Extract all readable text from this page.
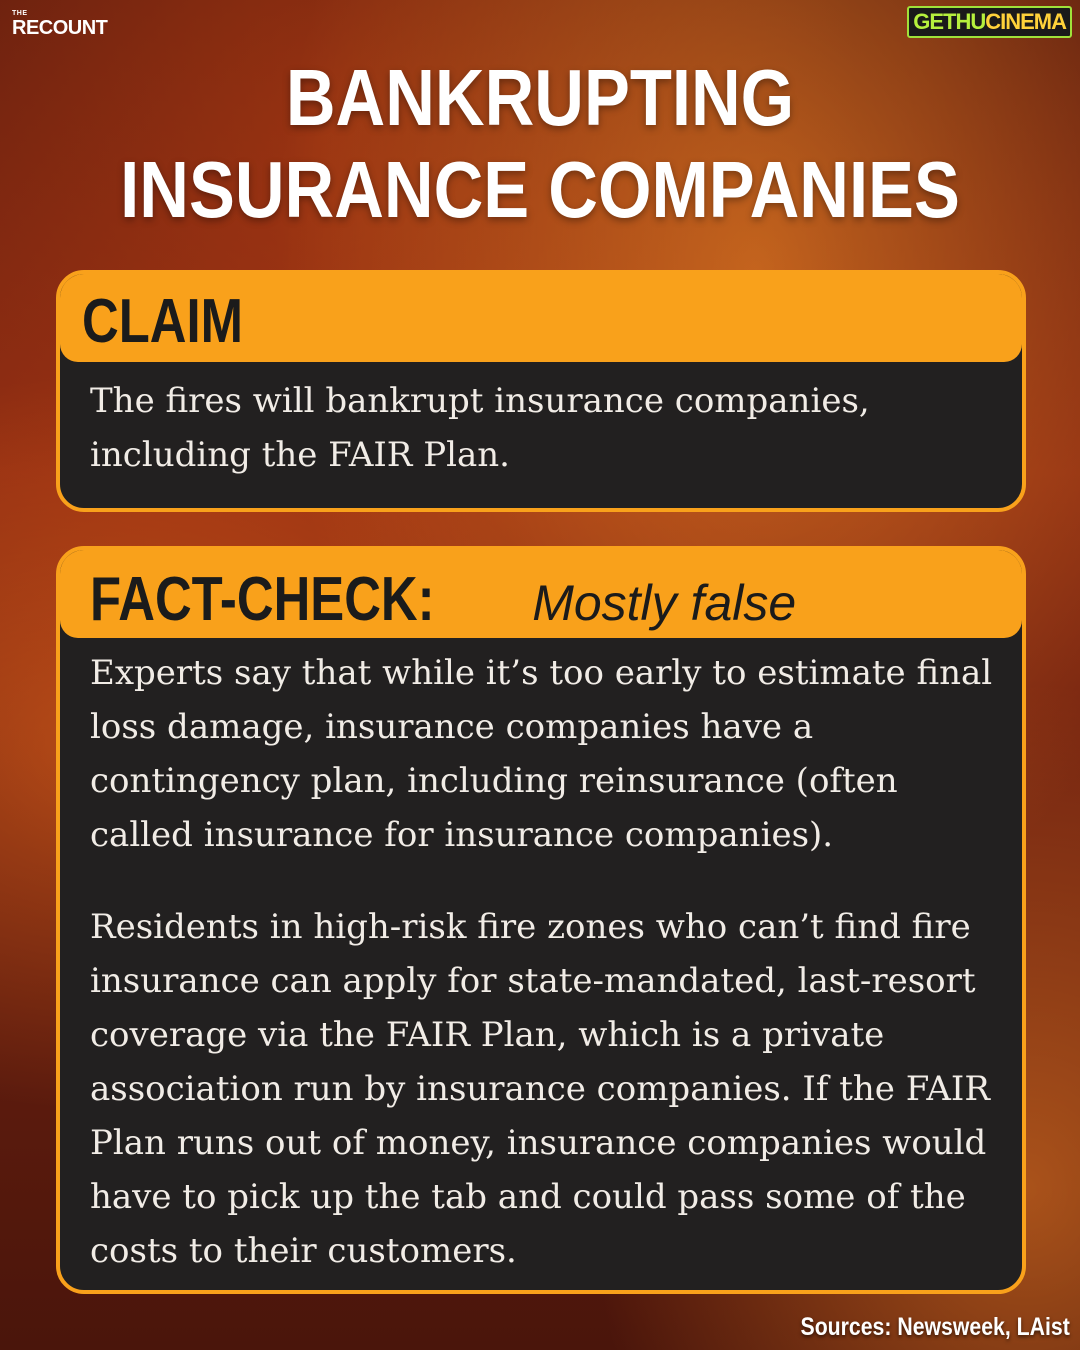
THE
RECOUNT	GETHUCINEMA
BANKRUPTING
INSURANCE COMPANIES
CLAIM
The fires will bankrupt insurance companies, including the FAIR Plan.
FACT-CHECK: Mostly false

Experts say that while it’s too early to estimate final loss damage, insurance companies have a contingency plan, including reinsurance (often called insurance for insurance companies).

Residents in high-risk fire zones who can’t find fire insurance can apply for state-mandated, last-resort coverage via the FAIR Plan, which is a private association run by insurance companies. If the FAIR Plan runs out of money, insurance companies would have to pick up the tab and could pass some of the costs to their customers.

Sources: Newsweek, LAist
